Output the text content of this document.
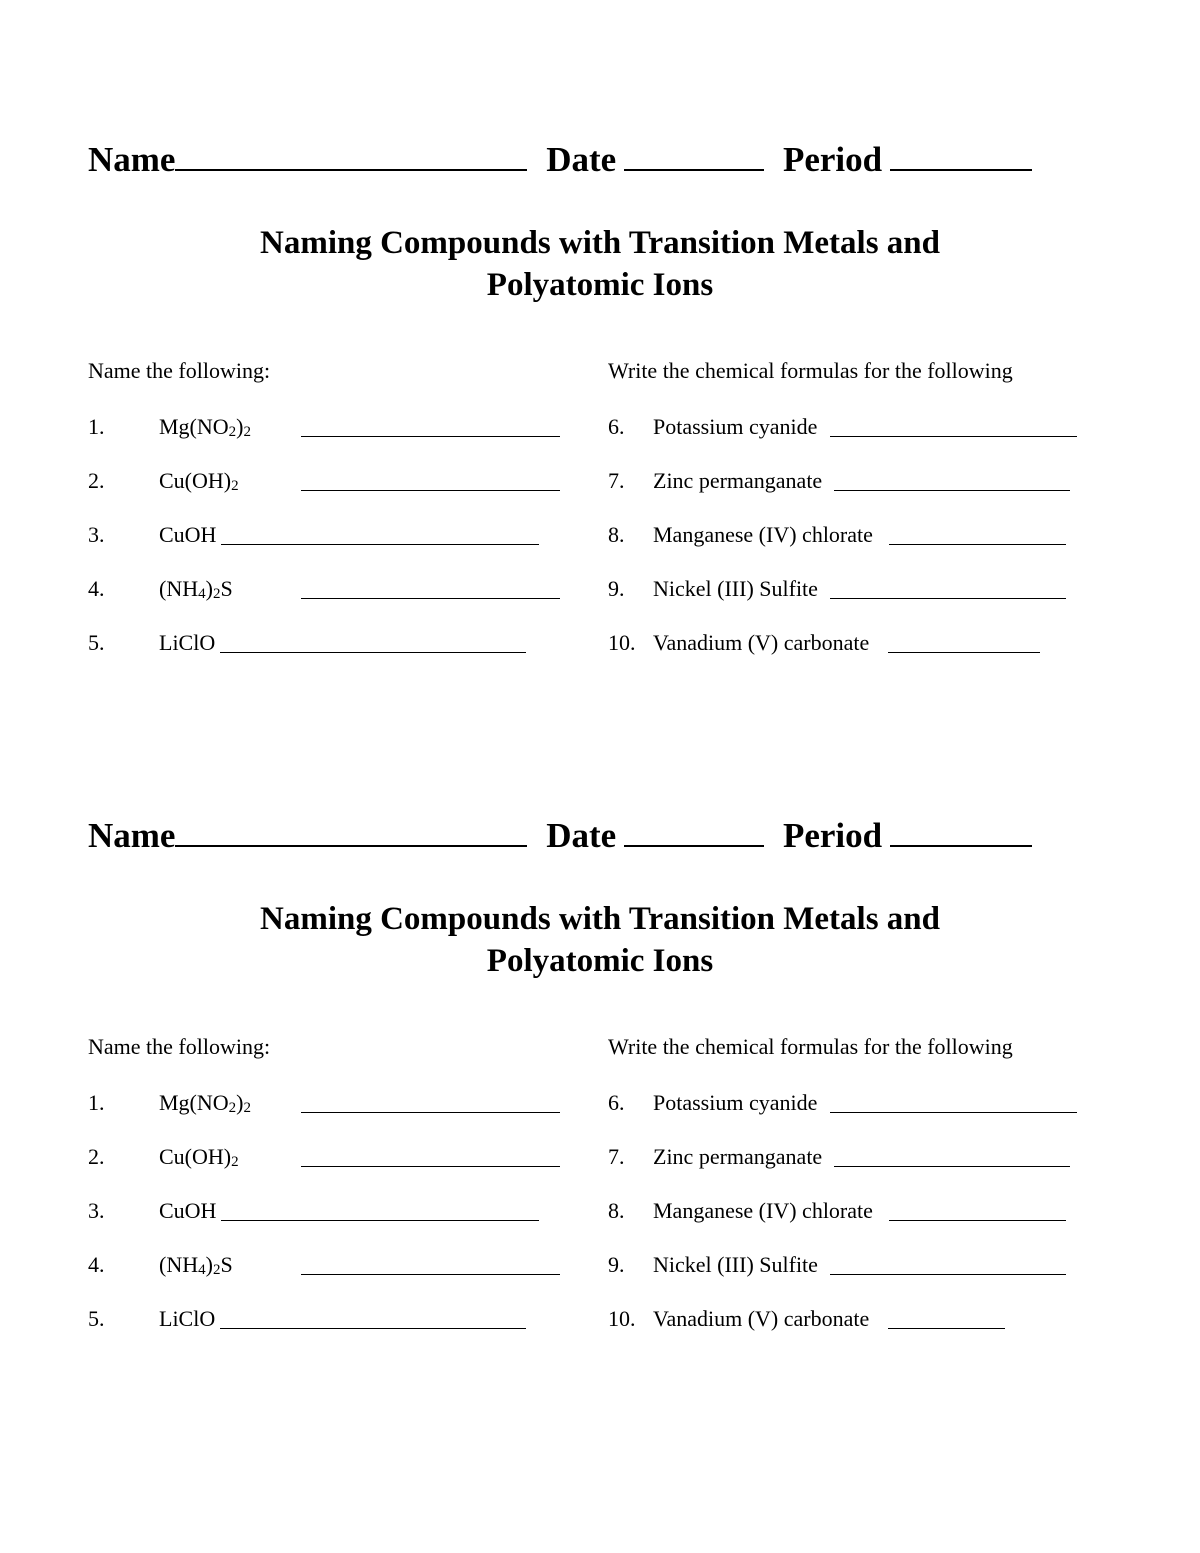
Name	Date	Period
Naming Compounds with Transition Metals and
Polyatomic Ions
Name the following:	Write the chemical formulas for the following
1. $Mg(NO_2)_2$
2. $Cu(OH)_2$
3. CuOH
4. $(NH_4)_2S$
5. LiClO
6. Potassium cyanide
7. Zinc permanganate
8. Manganese (IV) chlorate
9. Nickel (III) Sulfite
10. Vanadium (V) carbonate
Name	Date	Period
Naming Compounds with Transition Metals and
Polyatomic Ions
Name the following:	Write the chemical formulas for the following
1. $Mg(NO_2)_2$
2. $Cu(OH)_2$
3. CuOH
4. $(NH_4)_2S$
5. LiClO
6. Potassium cyanide
7. Zinc permanganate
8. Manganese (IV) chlorate
9. Nickel (III) Sulfite
10. Vanadium (V) carbonate
